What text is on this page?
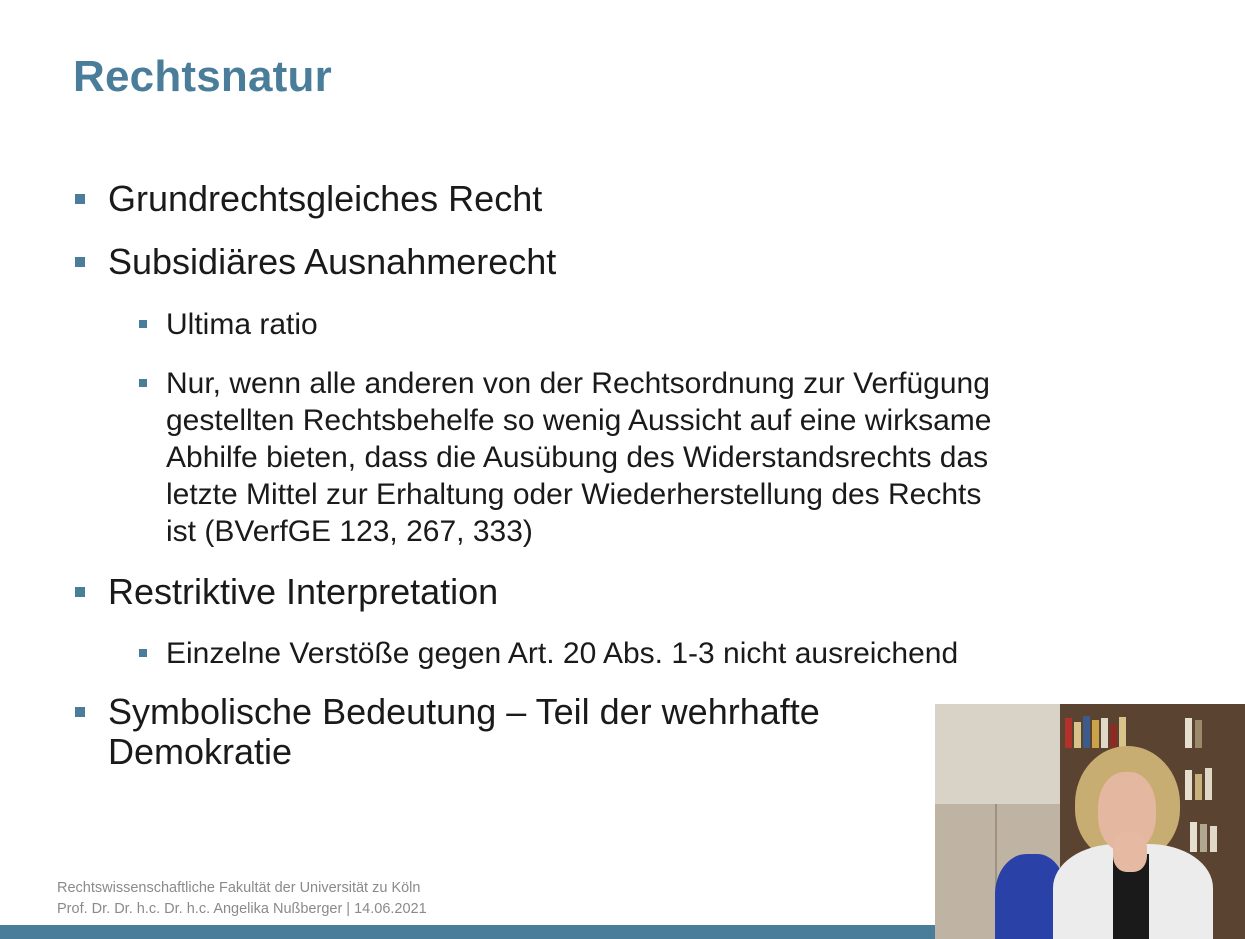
Rechtsnatur
Grundrechtsgleiches Recht
Subsidiäres Ausnahmerecht
Ultima ratio
Nur, wenn alle anderen von der Rechtsordnung zur Verfügung
gestellten Rechtsbehelfe so wenig Aussicht auf eine wirksame
Abhilfe bieten, dass die Ausübung des Widerstandsrechts das
letzte Mittel zur Erhaltung oder Wiederherstellung des Rechts
ist (BVerfGE 123, 267, 333)
Restriktive Interpretation
Einzelne Verstöße gegen Art. 20 Abs. 1-3 nicht ausreichend
Symbolische Bedeutung – Teil der wehrhafte
Demokratie
Rechtswissenschaftliche Fakultät der Universität zu Köln
Prof. Dr. Dr. h.c. Dr. h.c. Angelika Nußberger | 14.06.2021
